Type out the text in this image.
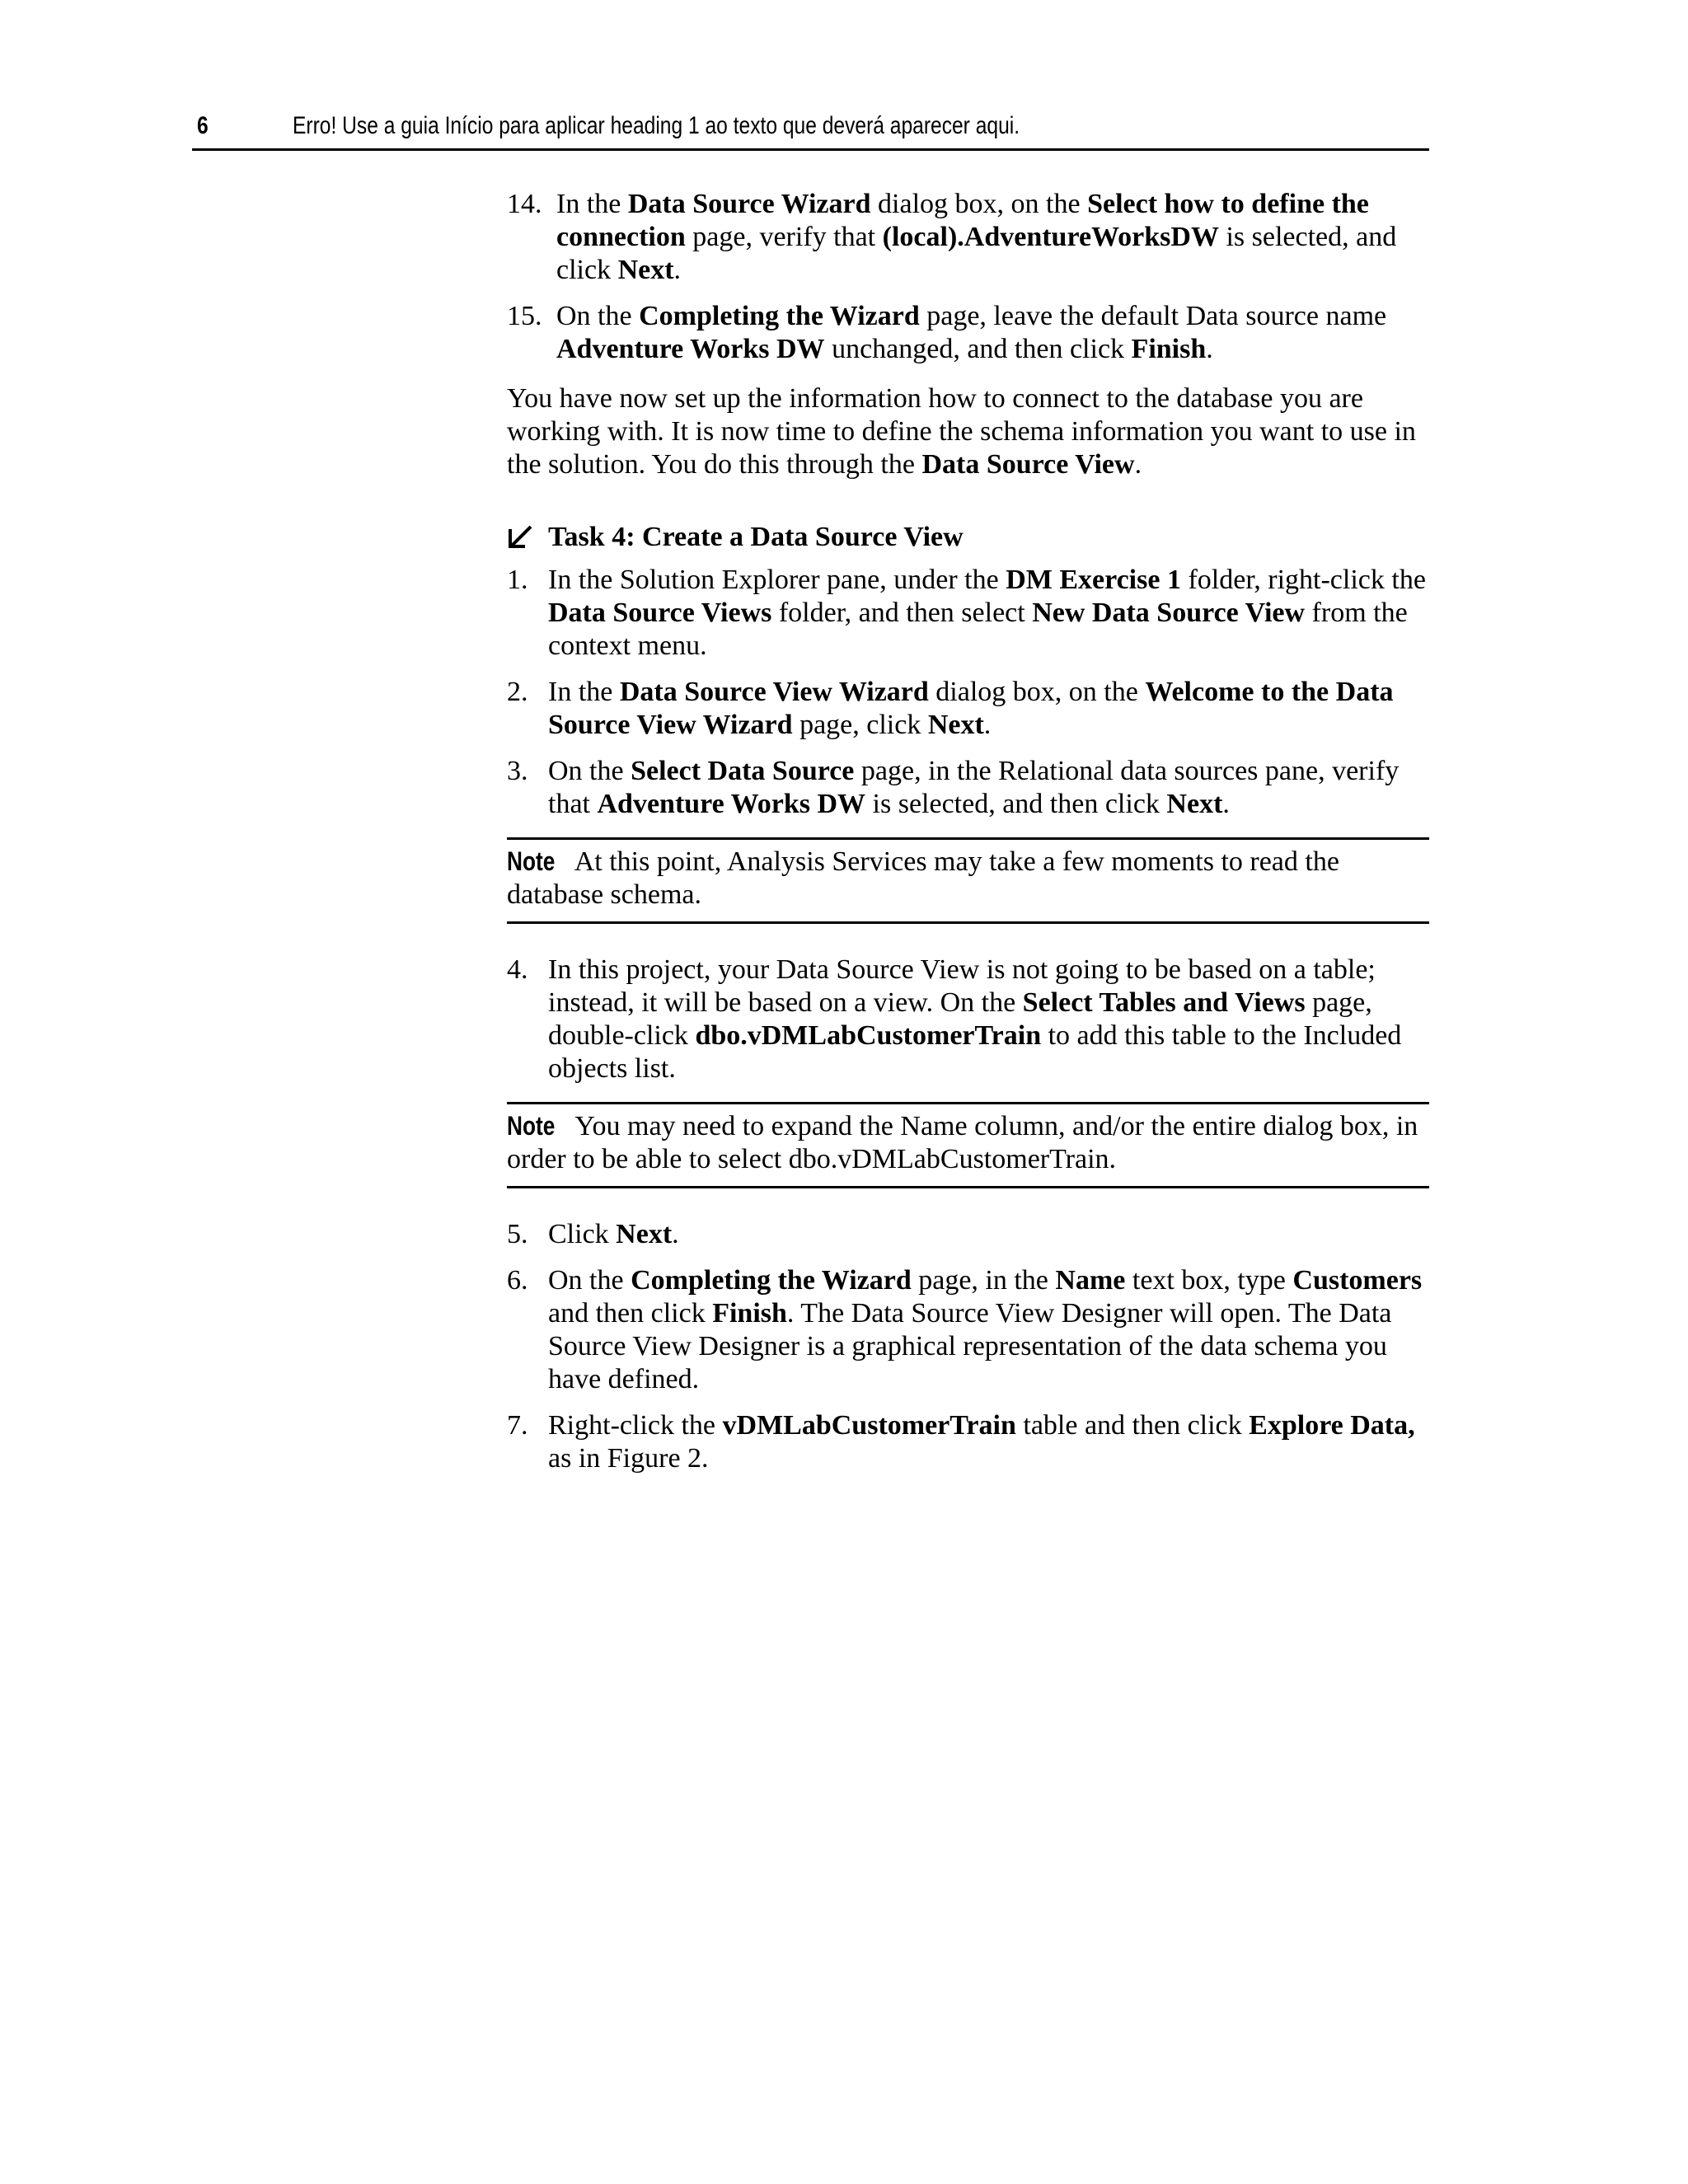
6	Erro! Use a guia Início para aplicar heading 1 ao texto que deverá aparecer aqui.
14. In the Data Source Wizard dialog box, on the Select how to define the connection page, verify that (local).AdventureWorksDW is selected, and click Next.
15. On the Completing the Wizard page, leave the default Data source name Adventure Works DW unchanged, and then click Finish.

You have now set up the information how to connect to the database you are working with. It is now time to define the schema information you want to use in the solution. You do this through the Data Source View.

Task 4: Create a Data Source View
1. In the Solution Explorer pane, under the DM Exercise 1 folder, right-click the Data Source Views folder, and then select New Data Source View from the context menu.
2. In the Data Source View Wizard dialog box, on the Welcome to the Data Source View Wizard page, click Next.
3. On the Select Data Source page, in the Relational data sources pane, verify that Adventure Works DW is selected, and then click Next.
Note At this point, Analysis Services may take a few moments to read the database schema.
4. In this project, your Data Source View is not going to be based on a table; instead, it will be based on a view. On the Select Tables and Views page, double-click dbo.vDMLabCustomerTrain to add this table to the Included objects list.
Note You may need to expand the Name column, and/or the entire dialog box, in order to be able to select dbo.vDMLabCustomerTrain.
5. Click Next.
6. On the Completing the Wizard page, in the Name text box, type Customers and then click Finish. The Data Source View Designer will open. The Data Source View Designer is a graphical representation of the data schema you have defined.
7. Right-click the vDMLabCustomerTrain table and then click Explore Data, as in Figure 2.
